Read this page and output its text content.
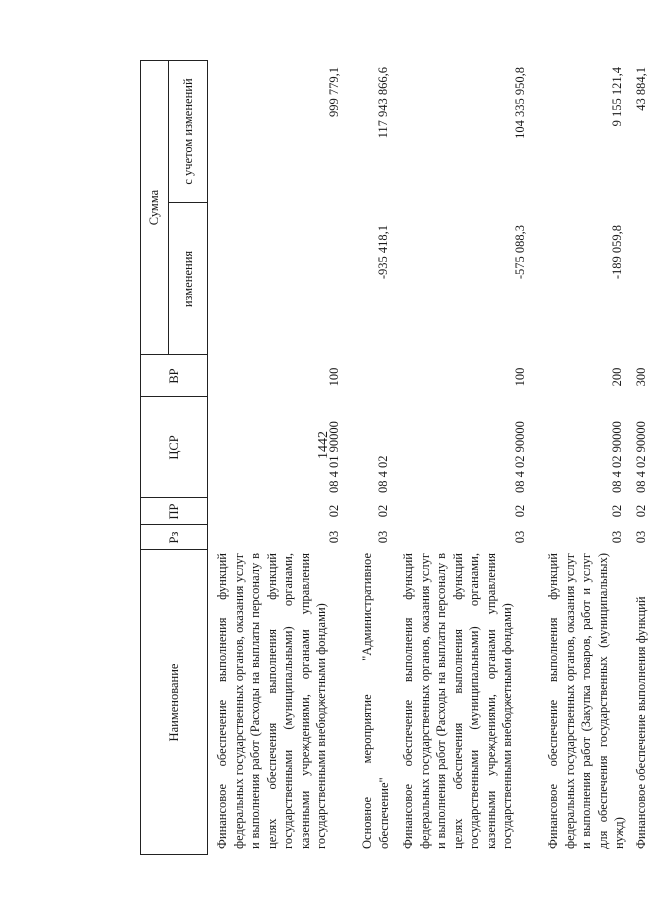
1442
Наименование
Рз
ПР
ЦСР
ВР
Сумма
изменения
с учетом изменений
Финансовое обеспечение выполнения функций федеральных государственных органов, оказания услуг и выполнения работ (Расходы на выплаты персоналу в целях обеспечения выполнения функций государственными (муниципальными) органами, казенными учреждениями, органами управления государственными внебюджетными фондами)
03
02
08 4 01 90000
100
999 779,1
Основное мероприятие "Административное обеспечение"
03
02
08 4 02
-935 418,1
117 943 866,6
Финансовое обеспечение выполнения функций федеральных государственных органов, оказания услуг и выполнения работ (Расходы на выплаты персоналу в целях обеспечения выполнения функций государственными (муниципальными) органами, казенными учреждениями, органами управления государственными внебюджетными фондами)
03
02
08 4 02 90000
100
-575 088,3
104 335 950,8
Финансовое обеспечение выполнения функций федеральных государственных органов, оказания услуг и выполнения работ (Закупка товаров, работ и услуг для обеспечения государственных (муниципальных) нужд)
03
02
08 4 02 90000
200
-189 059,8
9 155 121,4
Финансовое обеспечение выполнения функций
03
02
08 4 02 90000
300
43 884,1
